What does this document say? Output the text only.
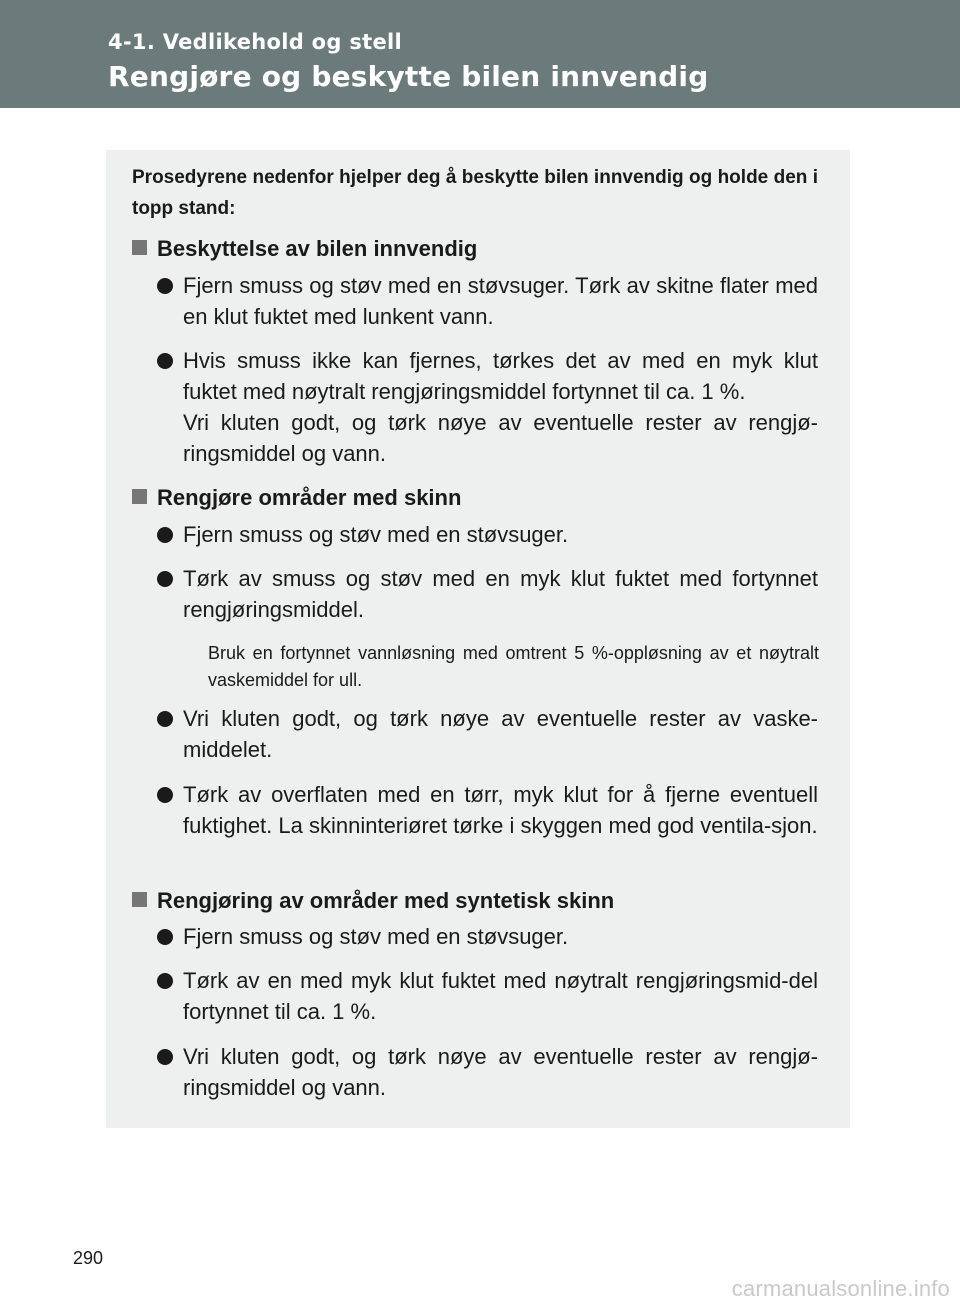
4-1. Vedlikehold og stell
Rengjøre og beskytte bilen innvendig

Prosedyrene nedenfor hjelper deg å beskytte bilen innvendig og holde den i topp stand:

Beskyttelse av bilen innvendig

Fjern smuss og støv med en støvsuger. Tørk av skitne flater med en klut fuktet med lunkent vann.

Hvis smuss ikke kan fjernes, tørkes det av med en myk klut fuktet med nøytralt rengjøringsmiddel fortynnet til ca. 1 %.

Vri kluten godt, og tørk nøye av eventuelle rester av rengjø-ringsmiddel og vann.

Rengjøre områder med skinn

Fjern smuss og støv med en støvsuger.

Tørk av smuss og støv med en myk klut fuktet med fortynnet rengjøringsmiddel.

Bruk en fortynnet vannløsning med omtrent 5 %-oppløsning av et nøytralt vaskemiddel for ull.

Vri kluten godt, og tørk nøye av eventuelle rester av vaske-middelet.

Tørk av overflaten med en tørr, myk klut for å fjerne eventuell fuktighet. La skinninteriøret tørke i skyggen med god ventila-sjon.

Rengjøring av områder med syntetisk skinn

Fjern smuss og støv med en støvsuger.

Tørk av en med myk klut fuktet med nøytralt rengjøringsmid-del fortynnet til ca. 1 %.

Vri kluten godt, og tørk nøye av eventuelle rester av rengjø-ringsmiddel og vann.

290
carmanualsonline.info
